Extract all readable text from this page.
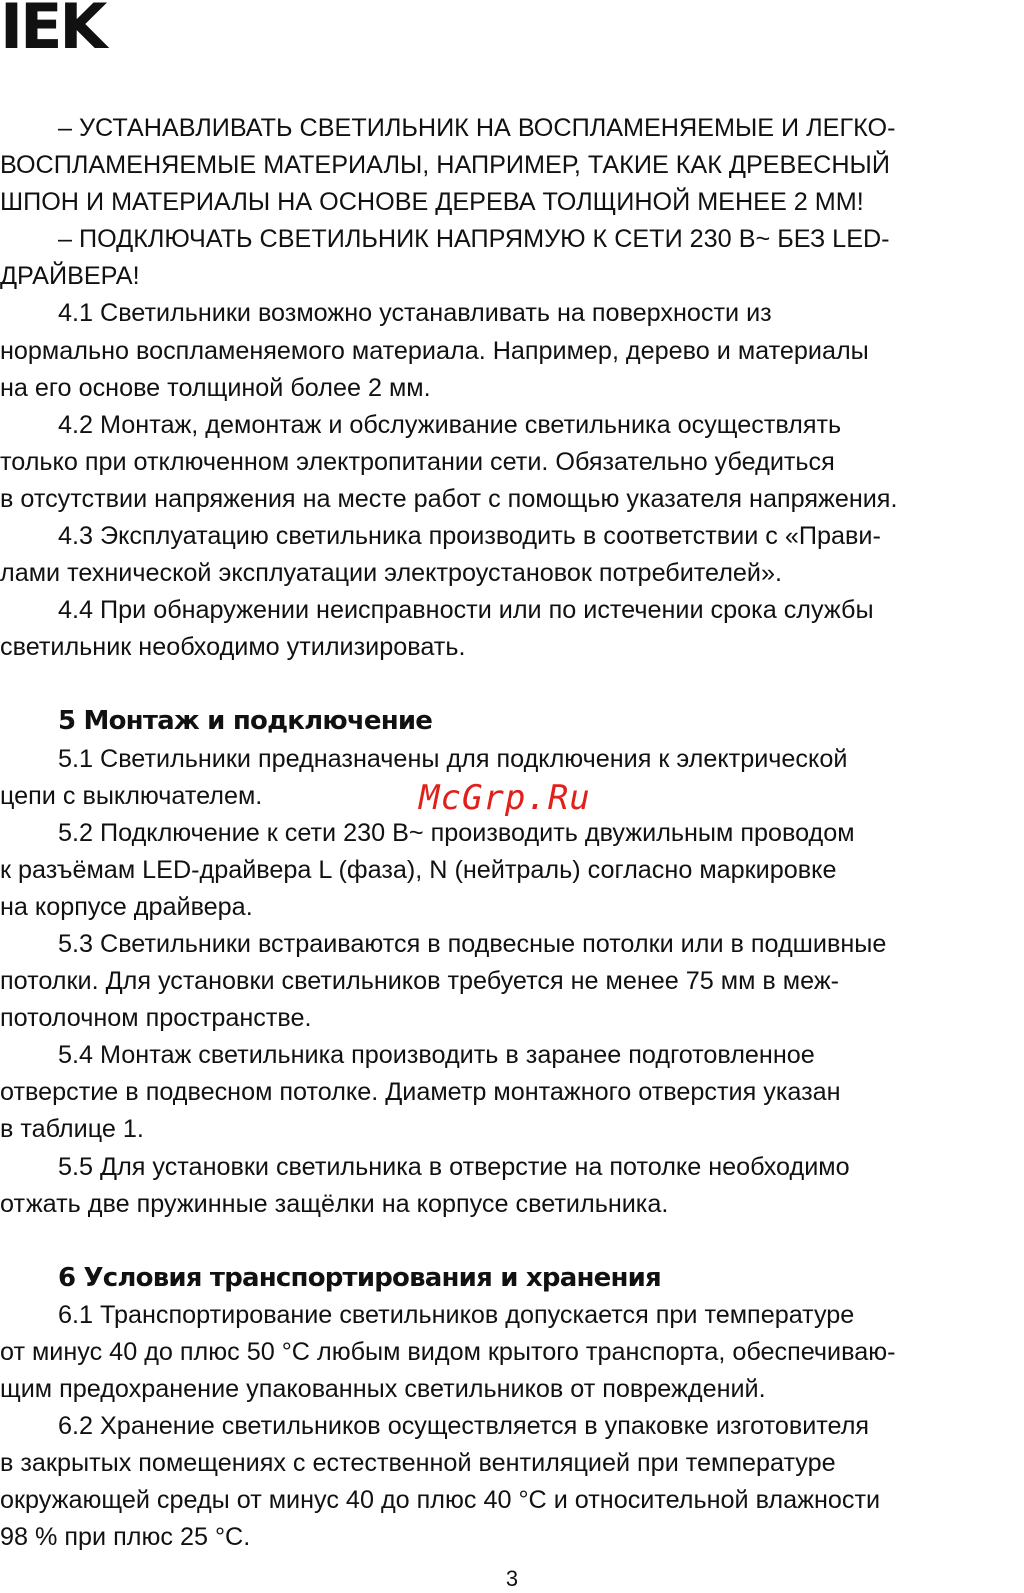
IEK
– УСТАНАВЛИВАТЬ СВЕТИЛЬНИК НА ВОСПЛАМЕНЯЕМЫЕ И ЛЕГКО-
ВОСПЛАМЕНЯЕМЫЕ МАТЕРИАЛЫ, НАПРИМЕР, ТАКИЕ КАК ДРЕВЕСНЫЙ
ШПОН И МАТЕРИАЛЫ НА ОСНОВЕ ДЕРЕВА ТОЛЩИНОЙ МЕНЕЕ 2 ММ!
– ПОДКЛЮЧАТЬ СВЕТИЛЬНИК НАПРЯМУЮ К СЕТИ 230 В~ БЕЗ LED-
ДРАЙВЕРА!
4.1 Светильники возможно устанавливать на поверхности из
нормально воспламеняемого материала. Например, дерево и материалы
на его основе толщиной более 2 мм.
4.2 Монтаж, демонтаж и обслуживание светильника осуществлять
только при отключенном электропитании сети. Обязательно убедиться
в отсутствии напряжения на месте работ с помощью указателя напряжения.
4.3 Эксплуатацию светильника производить в соответствии с «Прави-
лами технической эксплуатации электроустановок потребителей».
4.4 При обнаружении неисправности или по истечении срока службы
светильник необходимо утилизировать.
5 Монтаж и подключение
5.1 Светильники предназначены для подключения к электрической
цепи с выключателем.
5.2 Подключение к сети 230 В~ производить двужильным проводом
к разъёмам LED-драйвера L (фаза), N (нейтраль) согласно маркировке
на корпусе драйвера.
5.3 Светильники встраиваются в подвесные потолки или в подшивные
потолки. Для установки светильников требуется не менее 75 мм в меж-
потолочном пространстве.
5.4 Монтаж светильника производить в заранее подготовленное
отверстие в подвесном потолке. Диаметр монтажного отверстия указан
в таблице 1.
5.5 Для установки светильника в отверстие на потолке необходимо
отжать две пружинные защёлки на корпусе светильника.
6 Условия транспортирования и хранения
6.1 Транспортирование светильников допускается при температуре
от минус 40 до плюс 50 °С любым видом крытого транспорта, обеспечиваю-
щим предохранение упакованных светильников от повреждений.
6.2 Хранение светильников осуществляется в упаковке изготовителя
в закрытых помещениях с естественной вентиляцией при температуре
окружающей среды от минус 40 до плюс 40 °С и относительной влажности
98 % при плюс 25 °С.
McGrp.Ru
3
